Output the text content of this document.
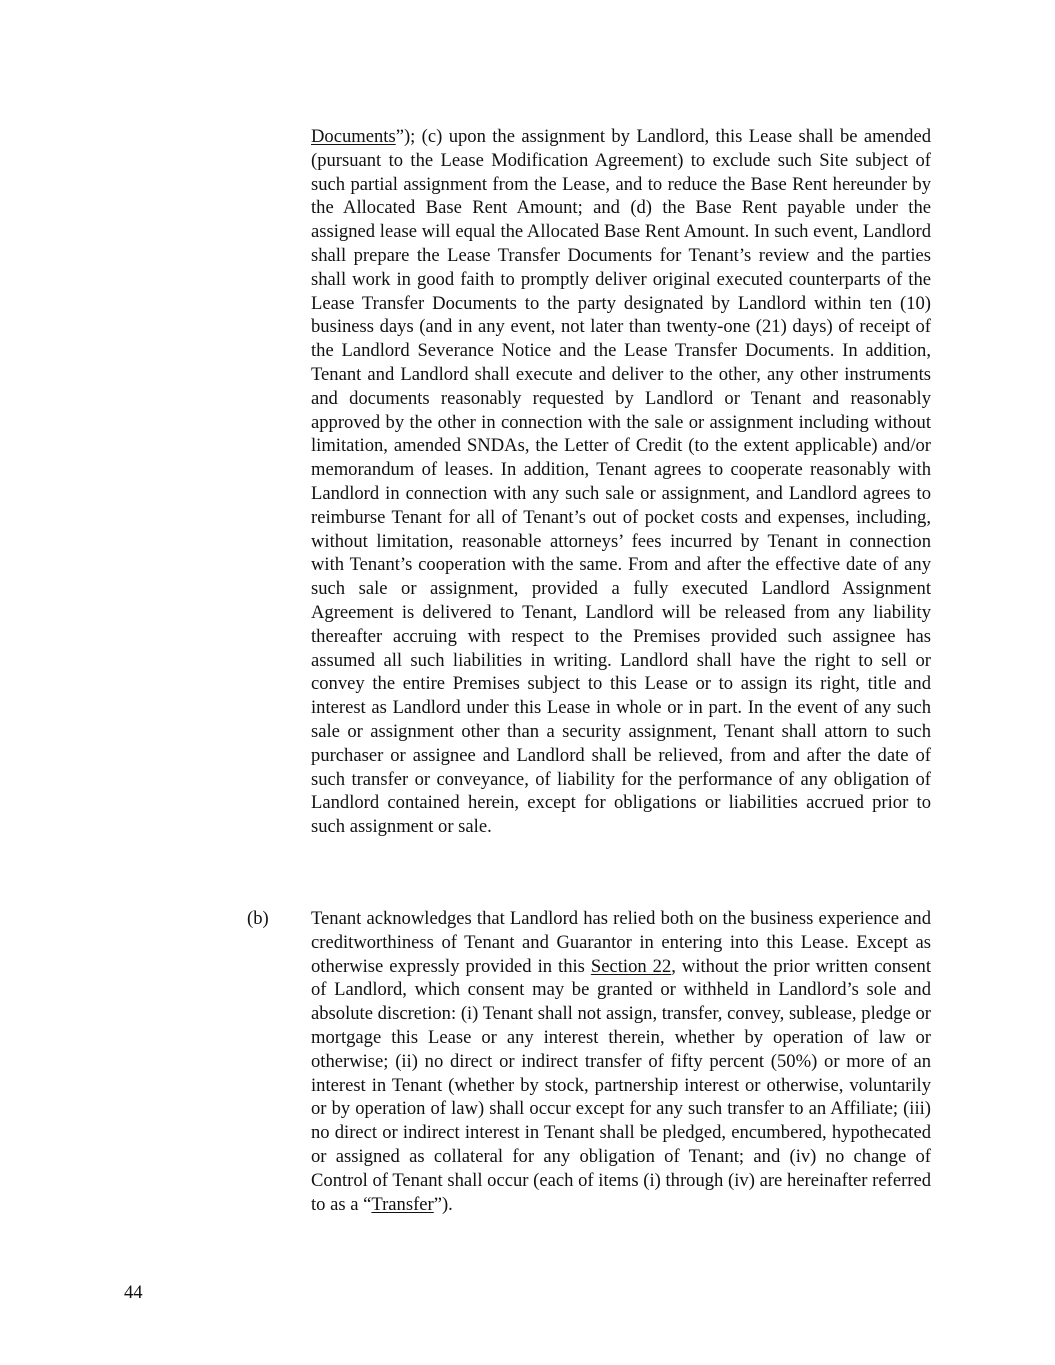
Documents”); (c) upon the assignment by Landlord, this Lease shall be amended (pursuant to the Lease Modification Agreement) to exclude such Site subject of such partial assignment from the Lease, and to reduce the Base Rent hereunder by the Allocated Base Rent Amount; and (d) the Base Rent payable under the assigned lease will equal the Allocated Base Rent Amount. In such event, Landlord shall prepare the Lease Transfer Documents for Tenant’s review and the parties shall work in good faith to promptly deliver original executed counterparts of the Lease Transfer Documents to the party designated by Landlord within ten (10) business days (and in any event, not later than twenty-one (21) days) of receipt of the Landlord Severance Notice and the Lease Transfer Documents. In addition, Tenant and Landlord shall execute and deliver to the other, any other instruments and documents reasonably requested by Landlord or Tenant and reasonably approved by the other in connection with the sale or assignment including without limitation, amended SNDAs, the Letter of Credit (to the extent applicable) and/or memorandum of leases. In addition, Tenant agrees to cooperate reasonably with Landlord in connection with any such sale or assignment, and Landlord agrees to reimburse Tenant for all of Tenant’s out of pocket costs and expenses, including, without limitation, reasonable attorneys’ fees incurred by Tenant in connection with Tenant’s cooperation with the same. From and after the effective date of any such sale or assignment, provided a fully executed Landlord Assignment Agreement is delivered to Tenant, Landlord will be released from any liability thereafter accruing with respect to the Premises provided such assignee has assumed all such liabilities in writing. Landlord shall have the right to sell or convey the entire Premises subject to this Lease or to assign its right, title and interest as Landlord under this Lease in whole or in part. In the event of any such sale or assignment other than a security assignment, Tenant shall attorn to such purchaser or assignee and Landlord shall be relieved, from and after the date of such transfer or conveyance, of liability for the performance of any obligation of Landlord contained herein, except for obligations or liabilities accrued prior to such assignment or sale.

(b) Tenant acknowledges that Landlord has relied both on the business experience and creditworthiness of Tenant and Guarantor in entering into this Lease. Except as otherwise expressly provided in this Section 22, without the prior written consent of Landlord, which consent may be granted or withheld in Landlord’s sole and absolute discretion: (i) Tenant shall not assign, transfer, convey, sublease, pledge or mortgage this Lease or any interest therein, whether by operation of law or otherwise; (ii) no direct or indirect transfer of fifty percent (50%) or more of an interest in Tenant (whether by stock, partnership interest or otherwise, voluntarily or by operation of law) shall occur except for any such transfer to an Affiliate; (iii) no direct or indirect interest in Tenant shall be pledged, encumbered, hypothecated or assigned as collateral for any obligation of Tenant; and (iv) no change of Control of Tenant shall occur (each of items (i) through (iv) are hereinafter referred to as a “Transfer”).

44
